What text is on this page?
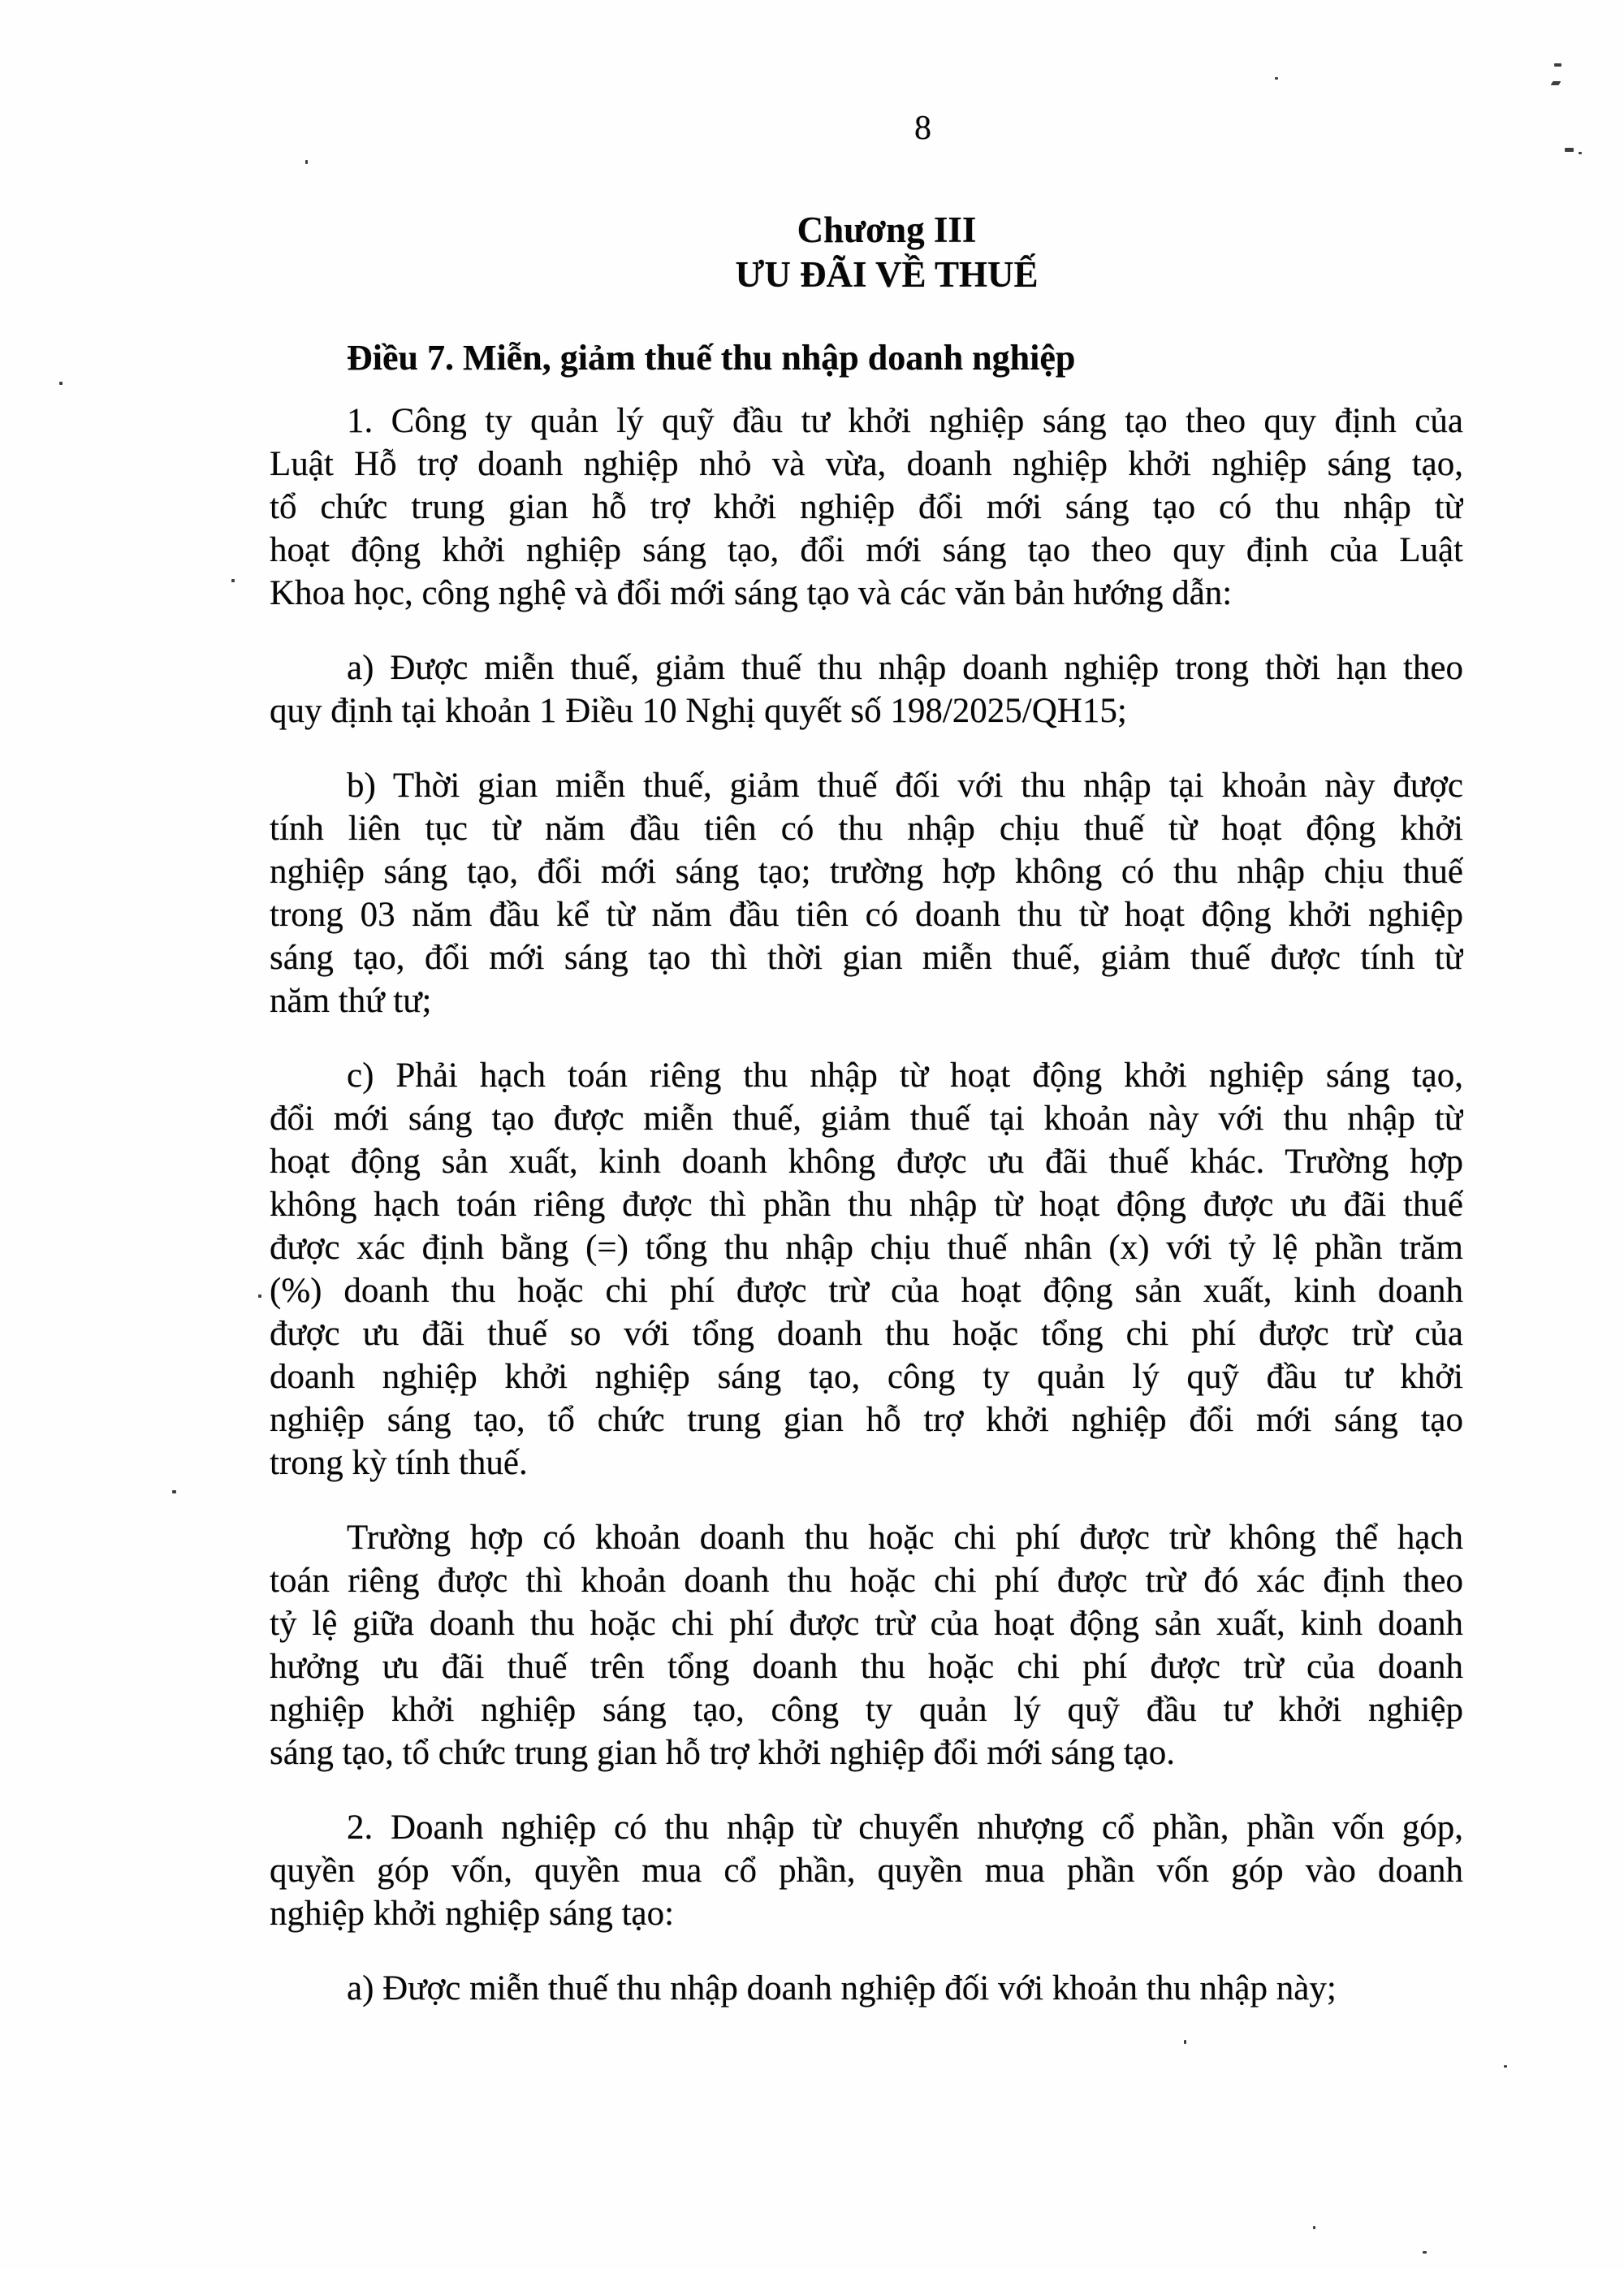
8
Chương III
ƯU ĐÃI VỀ THUẾ
Điều 7. Miễn, giảm thuế thu nhập doanh nghiệp
1. Công ty quản lý quỹ đầu tư khởi nghiệp sáng tạo theo quy định của
Luật Hỗ trợ doanh nghiệp nhỏ và vừa, doanh nghiệp khởi nghiệp sáng tạo,
tổ chức trung gian hỗ trợ khởi nghiệp đổi mới sáng tạo có thu nhập từ
hoạt động khởi nghiệp sáng tạo, đổi mới sáng tạo theo quy định của Luật
Khoa học, công nghệ và đổi mới sáng tạo và các văn bản hướng dẫn:
a) Được miễn thuế, giảm thuế thu nhập doanh nghiệp trong thời hạn theo
quy định tại khoản 1 Điều 10 Nghị quyết số 198/2025/QH15;
b) Thời gian miễn thuế, giảm thuế đối với thu nhập tại khoản này được
tính liên tục từ năm đầu tiên có thu nhập chịu thuế từ hoạt động khởi
nghiệp sáng tạo, đổi mới sáng tạo; trường hợp không có thu nhập chịu thuế
trong 03 năm đầu kể từ năm đầu tiên có doanh thu từ hoạt động khởi nghiệp
sáng tạo, đổi mới sáng tạo thì thời gian miễn thuế, giảm thuế được tính từ
năm thứ tư;
c) Phải hạch toán riêng thu nhập từ hoạt động khởi nghiệp sáng tạo,
đổi mới sáng tạo được miễn thuế, giảm thuế tại khoản này với thu nhập từ
hoạt động sản xuất, kinh doanh không được ưu đãi thuế khác. Trường hợp
không hạch toán riêng được thì phần thu nhập từ hoạt động được ưu đãi thuế
được xác định bằng (=) tổng thu nhập chịu thuế nhân (x) với tỷ lệ phần trăm
(%) doanh thu hoặc chi phí được trừ của hoạt động sản xuất, kinh doanh
được ưu đãi thuế so với tổng doanh thu hoặc tổng chi phí được trừ của
doanh nghiệp khởi nghiệp sáng tạo, công ty quản lý quỹ đầu tư khởi
nghiệp sáng tạo, tổ chức trung gian hỗ trợ khởi nghiệp đổi mới sáng tạo
trong kỳ tính thuế.
Trường hợp có khoản doanh thu hoặc chi phí được trừ không thể hạch
toán riêng được thì khoản doanh thu hoặc chi phí được trừ đó xác định theo
tỷ lệ giữa doanh thu hoặc chi phí được trừ của hoạt động sản xuất, kinh doanh
hưởng ưu đãi thuế trên tổng doanh thu hoặc chi phí được trừ của doanh
nghiệp khởi nghiệp sáng tạo, công ty quản lý quỹ đầu tư khởi nghiệp
sáng tạo, tổ chức trung gian hỗ trợ khởi nghiệp đổi mới sáng tạo.
2. Doanh nghiệp có thu nhập từ chuyển nhượng cổ phần, phần vốn góp,
quyền góp vốn, quyền mua cổ phần, quyền mua phần vốn góp vào doanh
nghiệp khởi nghiệp sáng tạo:
a) Được miễn thuế thu nhập doanh nghiệp đối với khoản thu nhập này;
